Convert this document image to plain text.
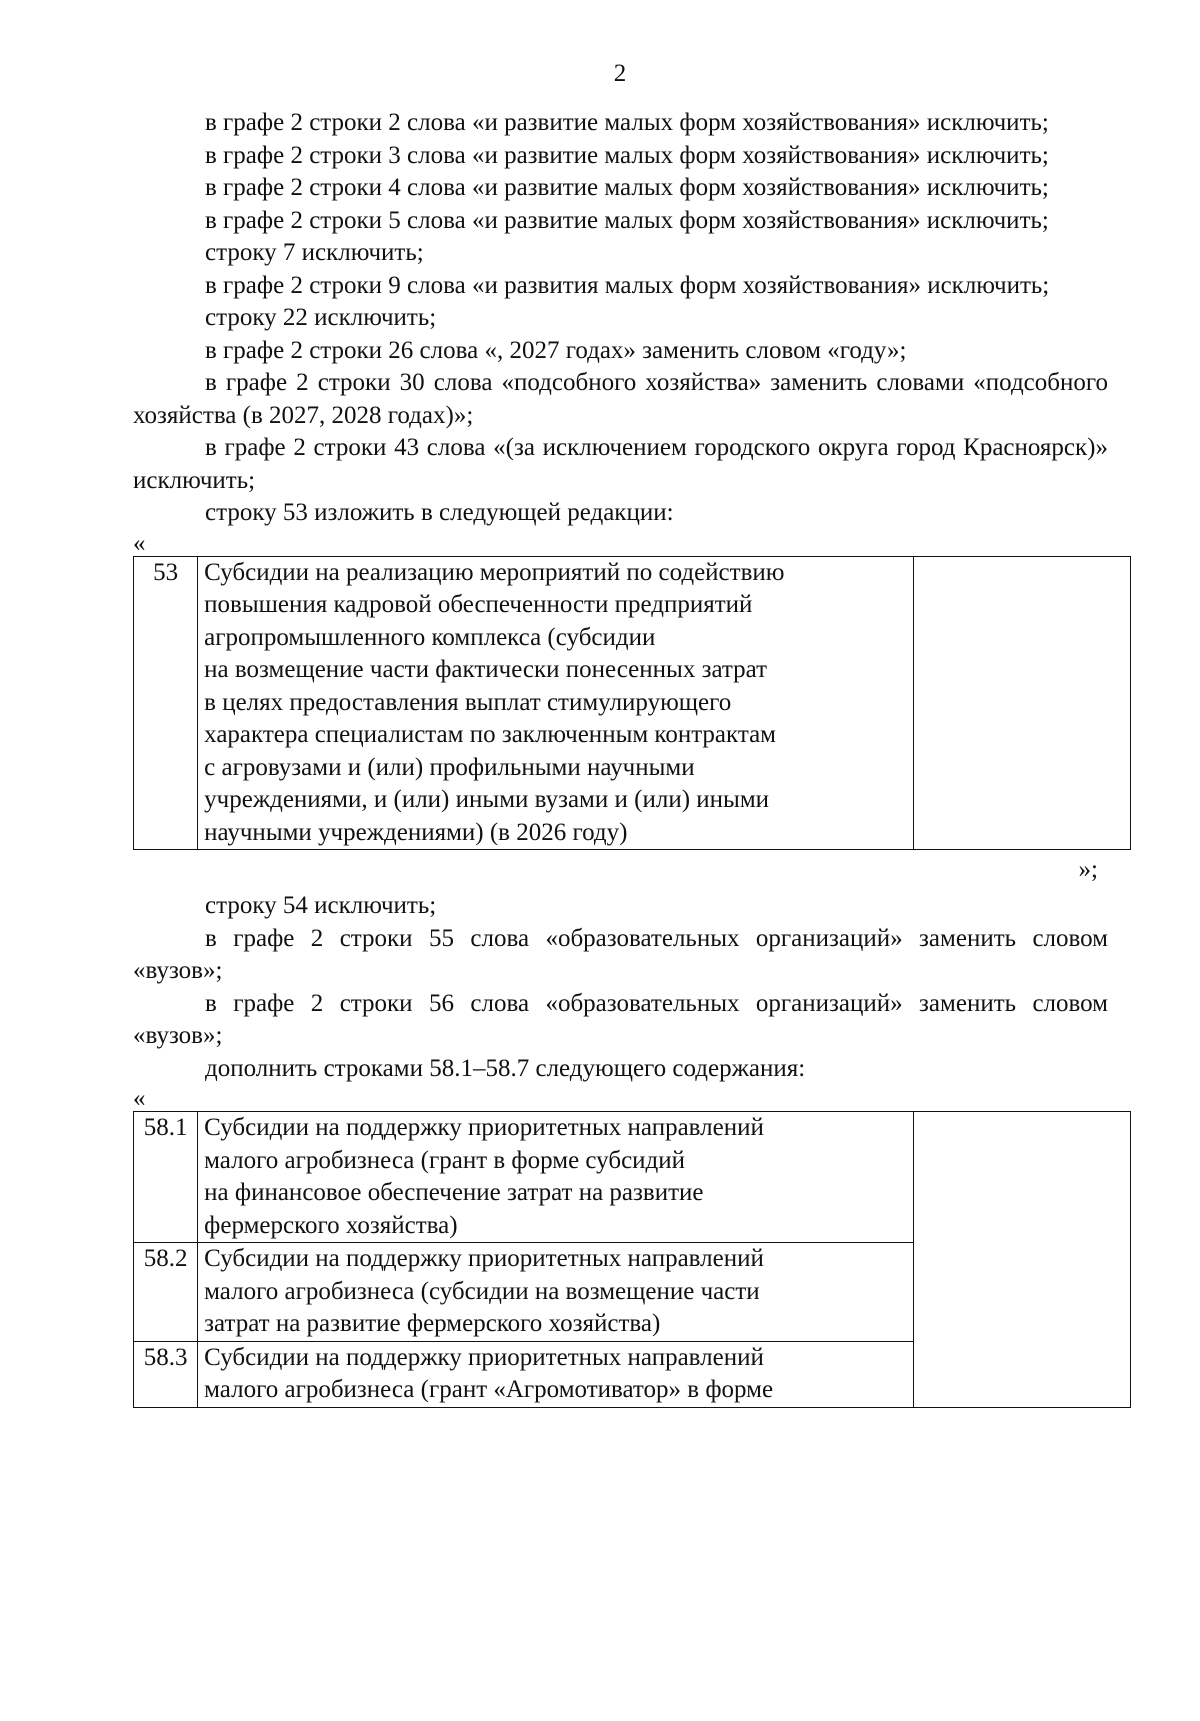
2

в графе 2 строки 2 слова «и развитие малых форм хозяйствования» исключить;

в графе 2 строки 3 слова «и развитие малых форм хозяйствования» исключить;

в графе 2 строки 4 слова «и развитие малых форм хозяйствования» исключить;

в графе 2 строки 5 слова «и развитие малых форм хозяйствования» исключить;

строку 7 исключить;

в графе 2 строки 9 слова «и развития малых форм хозяйствования» исключить;

строку 22 исключить;

в графе 2 строки 26 слова «, 2027 годах» заменить словом «году»;

в графе 2 строки 30 слова «подсобного хозяйства» заменить словами «подсобного хозяйства (в 2027, 2028 годах)»;

в графе 2 строки 43 слова «(за исключением городского округа город Красноярск)» исключить;

строку 53 изложить в следующей редакции:

«
53	Субсидии на реализацию мероприятий по содействию
повышения кадровой обеспеченности предприятий
агропромышленного комплекса (субсидии
на возмещение части фактически понесенных затрат
в целях предоставления выплат стимулирующего
характера специалистам по заключенным контрактам
с агровузами и (или) профильными научными
учреждениями, и (или) иными вузами и (или) иными
научными учреждениями) (в 2026 году)

»;

строку 54 исключить;

в графе 2 строки 55 слова «образовательных организаций» заменить словом «вузов»;

в графе 2 строки 56 слова «образовательных организаций» заменить словом «вузов»;

дополнить строками 58.1–58.7 следующего содержания:

«
58.1	Субсидии на поддержку приоритетных направлений
малого агробизнеса (грант в форме субсидий
на финансовое обеспечение затрат на развитие
фермерского хозяйства)	

58.2	Субсидии на поддержку приоритетных направлений
малого агробизнеса (субсидии на возмещение части
затрат на развитие фермерского хозяйства)	

58.3	Субсидии на поддержку приоритетных направлений
малого агробизнеса (грант «Агромотиватор» в форме	
